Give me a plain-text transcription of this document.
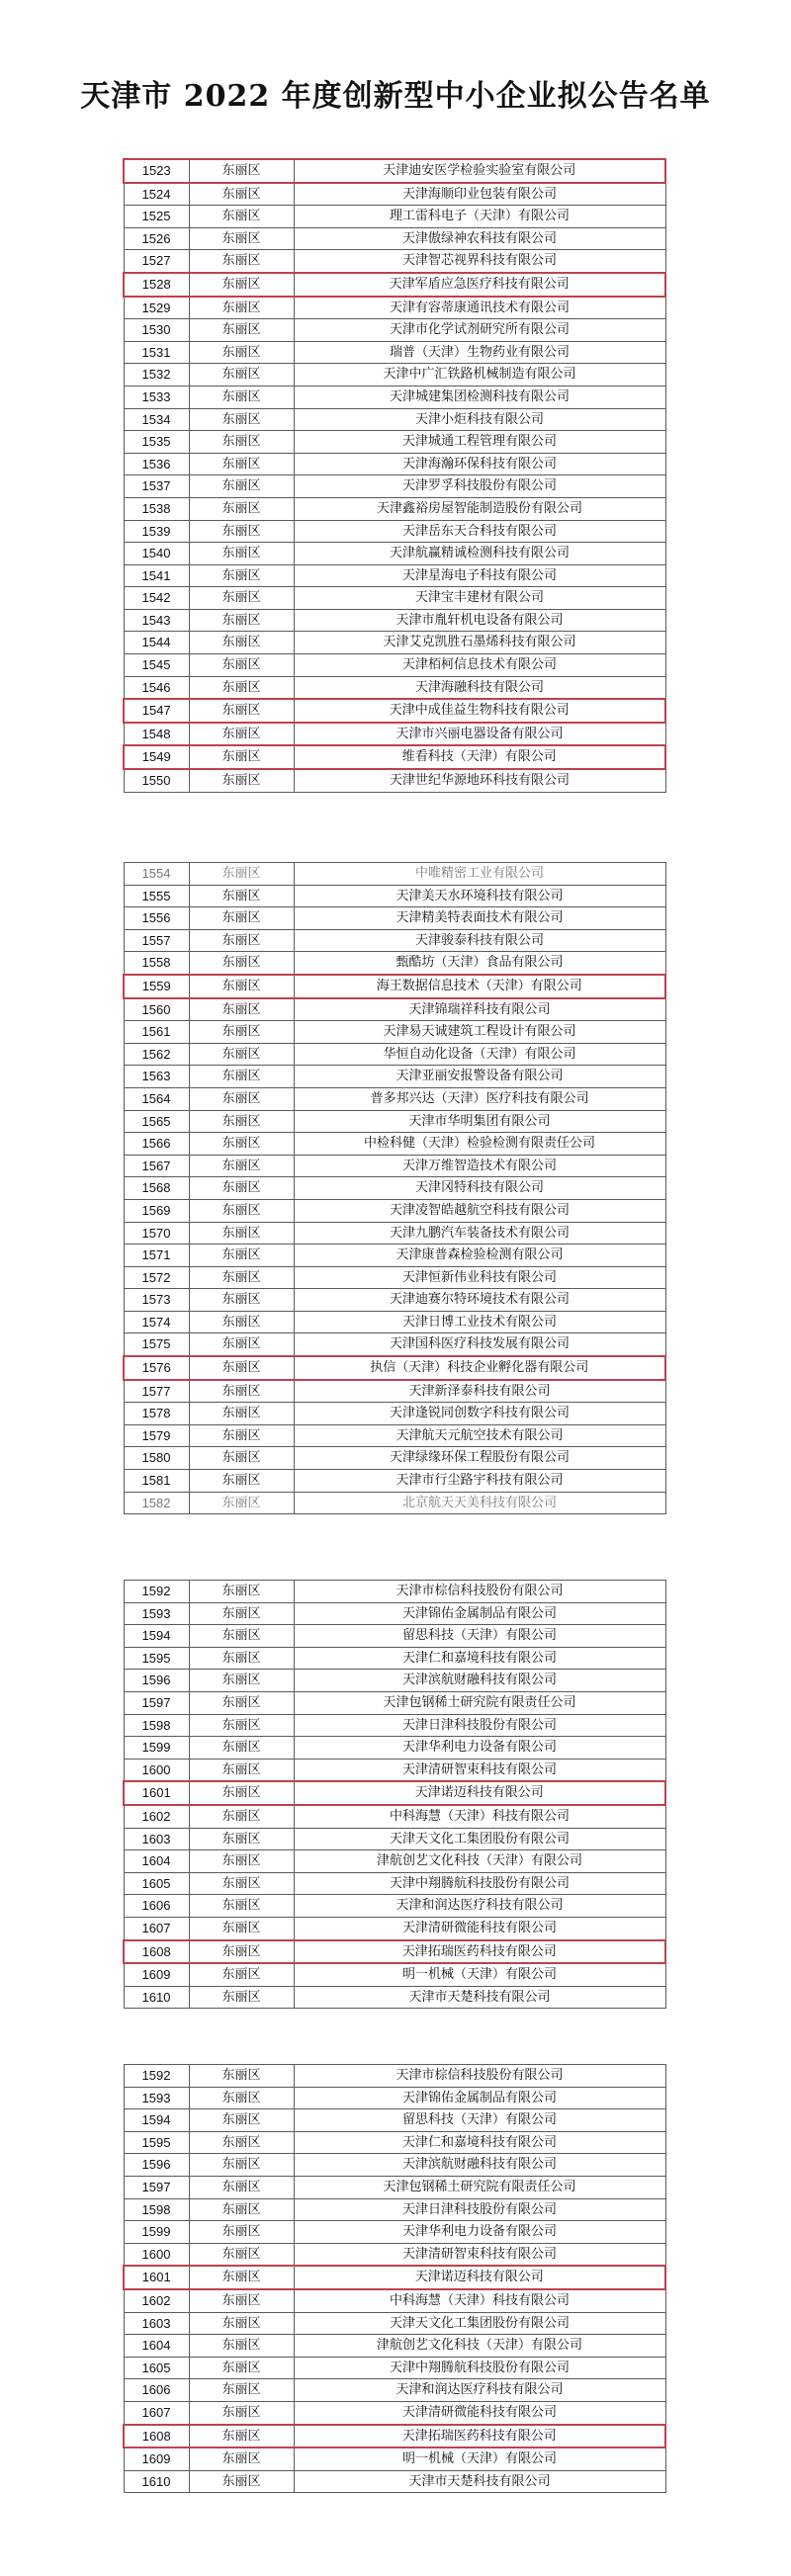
天津市 2022 年度创新型中小企业拟公告名单
1523	东丽区	天津迪安医学检验实验室有限公司
1524	东丽区	天津海顺印业包装有限公司
1525	东丽区	理工雷科电子（天津）有限公司
1526	东丽区	天津傲绿神农科技有限公司
1527	东丽区	天津智芯视界科技有限公司
1528	东丽区	天津军盾应急医疗科技有限公司
1529	东丽区	天津有容蒂康通讯技术有限公司
1530	东丽区	天津市化学试剂研究所有限公司
1531	东丽区	瑞普（天津）生物药业有限公司
1532	东丽区	天津中广汇铁路机械制造有限公司
1533	东丽区	天津城建集团检测科技有限公司
1534	东丽区	天津小炬科技有限公司
1535	东丽区	天津城通工程管理有限公司
1536	东丽区	天津海瀚环保科技有限公司
1537	东丽区	天津罗孚科技股份有限公司
1538	东丽区	天津鑫裕房屋智能制造股份有限公司
1539	东丽区	天津岳东天合科技有限公司
1540	东丽区	天津航赢精诚检测科技有限公司
1541	东丽区	天津星海电子科技有限公司
1542	东丽区	天津宝丰建材有限公司
1543	东丽区	天津市胤轩机电设备有限公司
1544	东丽区	天津艾克凯胜石墨烯科技有限公司
1545	东丽区	天津栢柯信息技术有限公司
1546	东丽区	天津海融科技有限公司
1547	东丽区	天津中成佳益生物科技有限公司
1548	东丽区	天津市兴丽电器设备有限公司
1549	东丽区	维看科技（天津）有限公司
1550	东丽区	天津世纪华源地环科技有限公司
1554	东丽区	中唯精密工业有限公司
1555	东丽区	天津美天水环境科技有限公司
1556	东丽区	天津精美特表面技术有限公司
1557	东丽区	天津骏泰科技有限公司
1558	东丽区	甄酷坊（天津）食品有限公司
1559	东丽区	海王数据信息技术（天津）有限公司
1560	东丽区	天津锦瑞祥科技有限公司
1561	东丽区	天津易天诚建筑工程设计有限公司
1562	东丽区	华恒自动化设备（天津）有限公司
1563	东丽区	天津亚丽安报警设备有限公司
1564	东丽区	普多邦兴达（天津）医疗科技有限公司
1565	东丽区	天津市华明集团有限公司
1566	东丽区	中检科健（天津）检验检测有限责任公司
1567	东丽区	天津万维智造技术有限公司
1568	东丽区	天津冈特科技有限公司
1569	东丽区	天津凌智皓越航空科技有限公司
1570	东丽区	天津九鹏汽车装备技术有限公司
1571	东丽区	天津康普森检验检测有限公司
1572	东丽区	天津恒新伟业科技有限公司
1573	东丽区	天津迪赛尔特环境技术有限公司
1574	东丽区	天津日博工业技术有限公司
1575	东丽区	天津国科医疗科技发展有限公司
1576	东丽区	执信（天津）科技企业孵化器有限公司
1577	东丽区	天津新泽泰科技有限公司
1578	东丽区	天津逢锐同创数字科技有限公司
1579	东丽区	天津航天元航空技术有限公司
1580	东丽区	天津绿缘环保工程股份有限公司
1581	东丽区	天津市行尘路宇科技有限公司
1582	东丽区	北京航天天美科技有限公司
1592	东丽区	天津市棕信科技股份有限公司
1593	东丽区	天津锦佑金属制品有限公司
1594	东丽区	留思科技（天津）有限公司
1595	东丽区	天津仁和嘉境科技有限公司
1596	东丽区	天津滨航财融科技有限公司
1597	东丽区	天津包钢稀土研究院有限责任公司
1598	东丽区	天津日津科技股份有限公司
1599	东丽区	天津华利电力设备有限公司
1600	东丽区	天津清研智束科技有限公司
1601	东丽区	天津诺迈科技有限公司
1602	东丽区	中科海慧（天津）科技有限公司
1603	东丽区	天津天文化工集团股份有限公司
1604	东丽区	津航创艺文化科技（天津）有限公司
1605	东丽区	天津中翔腾航科技股份有限公司
1606	东丽区	天津和润达医疗科技有限公司
1607	东丽区	天津清研微能科技有限公司
1608	东丽区	天津拓瑞医药科技有限公司
1609	东丽区	明一机械（天津）有限公司
1610	东丽区	天津市天楚科技有限公司
1592	东丽区	天津市棕信科技股份有限公司
1593	东丽区	天津锦佑金属制品有限公司
1594	东丽区	留思科技（天津）有限公司
1595	东丽区	天津仁和嘉境科技有限公司
1596	东丽区	天津滨航财融科技有限公司
1597	东丽区	天津包钢稀土研究院有限责任公司
1598	东丽区	天津日津科技股份有限公司
1599	东丽区	天津华利电力设备有限公司
1600	东丽区	天津清研智束科技有限公司
1601	东丽区	天津诺迈科技有限公司
1602	东丽区	中科海慧（天津）科技有限公司
1603	东丽区	天津天文化工集团股份有限公司
1604	东丽区	津航创艺文化科技（天津）有限公司
1605	东丽区	天津中翔腾航科技股份有限公司
1606	东丽区	天津和润达医疗科技有限公司
1607	东丽区	天津清研微能科技有限公司
1608	东丽区	天津拓瑞医药科技有限公司
1609	东丽区	明一机械（天津）有限公司
1610	东丽区	天津市天楚科技有限公司
